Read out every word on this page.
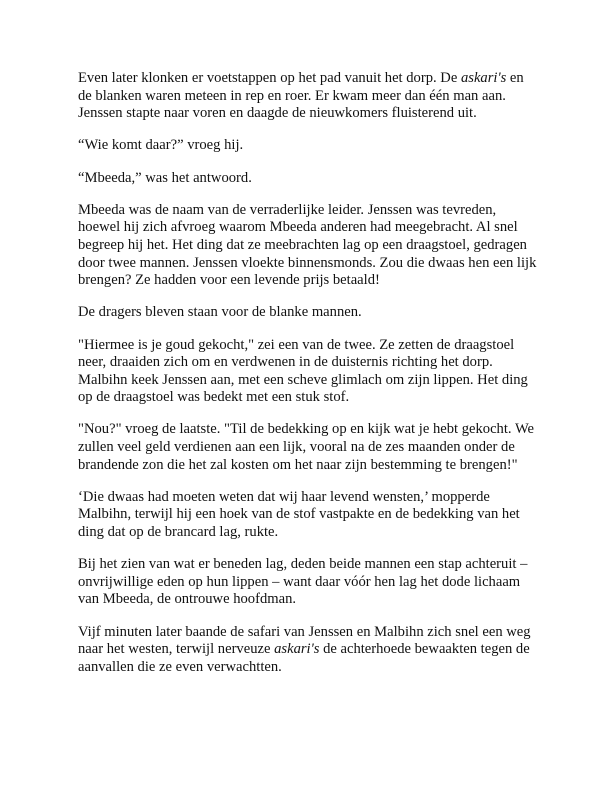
Even later klonken er voetstappen op het pad vanuit het dorp. De askari's en de blanken waren meteen in rep en roer. Er kwam meer dan één man aan. Jenssen stapte naar voren en daagde de nieuwkomers fluisterend uit.

“Wie komt daar?” vroeg hij.

“Mbeeda,” was het antwoord.

Mbeeda was de naam van de verraderlijke leider. Jenssen was tevreden, hoewel hij zich afvroeg waarom Mbeeda anderen had meegebracht. Al snel begreep hij het. Het ding dat ze meebrachten lag op een draagstoel, gedragen door twee mannen. Jenssen vloekte binnensmonds. Zou die dwaas hen een lijk brengen? Ze hadden voor een levende prijs betaald!

De dragers bleven staan voor de blanke mannen.

"Hiermee is je goud gekocht," zei een van de twee. Ze zetten de draagstoel neer, draaiden zich om en verdwenen in de duisternis richting het dorp. Malbihn keek Jenssen aan, met een scheve glimlach om zijn lippen. Het ding op de draagstoel was bedekt met een stuk stof.

"Nou?" vroeg de laatste. "Til de bedekking op en kijk wat je hebt gekocht. We zullen veel geld verdienen aan een lijk, vooral na de zes maanden onder de brandende zon die het zal kosten om het naar zijn bestemming te brengen!"

‘Die dwaas had moeten weten dat wij haar levend wensten,’ mopperde Malbihn, terwijl hij een hoek van de stof vastpakte en de bedekking van het ding dat op de brancard lag, rukte.

Bij het zien van wat er beneden lag, deden beide mannen een stap achteruit – onvrijwillige eden op hun lippen – want daar vóór hen lag het dode lichaam van Mbeeda, de ontrouwe hoofdman.

Vijf minuten later baande de safari van Jenssen en Malbihn zich snel een weg naar het westen, terwijl nerveuze askari's de achterhoede bewaakten tegen de aanvallen die ze even verwachtten.
